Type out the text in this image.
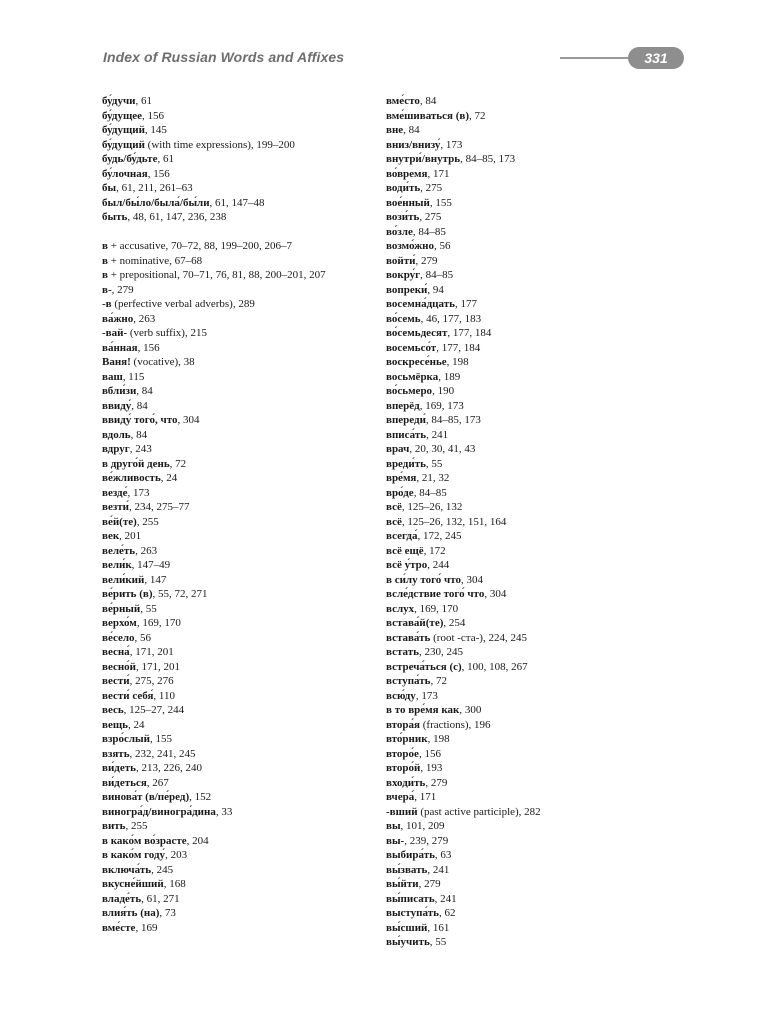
Index of Russian Words and Affixes	331
бу́дучи, 61
бу́дущее, 156
бу́дущий, 145
бу́дущий (with time expressions), 199–200
будь/бу́дьте, 61
бу́лочная, 156
бы, 61, 211, 261–63
был/бы́ло/была́/бы́ли, 61, 147–48
быть, 48, 61, 147, 236, 238
в + accusative, 70–72, 88, 199–200, 206–7
в + nominative, 67–68
в + prepositional, 70–71, 76, 81, 88, 200–201, 207
в-, 279
-в (perfective verbal adverbs), 289
ва́жно, 263
-вай- (verb suffix), 215
ва́нная, 156
Ваня! (vocative), 38
ваш, 115
вбли́зи, 84
ввиду́, 84
ввиду́ того́, что, 304
вдоль, 84
вдруг, 243
в друго́й день, 72
ве́жливость, 24
везде́, 173
везти́, 234, 275–77
ве́й(те), 255
век, 201
веле́ть, 263
вели́к, 147–49
вели́кий, 147
ве́рить (в), 55, 72, 271
ве́рный, 55
верхо́м, 169, 170
ве́село, 56
весна́, 171, 201
весно́й, 171, 201
вести́, 275, 276
вести́ себя́, 110
весь, 125–27, 244
вещь, 24
взро́слый, 155
взять, 232, 241, 245
ви́деть, 213, 226, 240
ви́деться, 267
винова́т (в/пе́ред), 152
виногра́д/виногра́дина, 33
вить, 255
в како́м во́зрасте, 204
в како́м году́, 203
включа́ть, 245
вкусне́йший, 168
владе́ть, 61, 271
влия́ть (на), 73
вме́сте, 169
вме́сто, 84
вме́шиваться (в), 72
вне, 84
вниз/внизу́, 173
внутри́/внутрь, 84–85, 173
во́время, 171
води́ть, 275
вое́нный, 155
вози́ть, 275
во́зле, 84–85
возмо́жно, 56
войти́, 279
вокру́г, 84–85
вопреки́, 94
восемна́дцать, 177
во́семь, 46, 177, 183
во́семьдесят, 177, 184
восемьсо́т, 177, 184
воскресе́нье, 198
восьмёрка, 189
во́сьмеро, 190
вперёд, 169, 173
впереди́, 84–85, 173
вписа́ть, 241
врач, 20, 30, 41, 43
вреди́ть, 55
вре́мя, 21, 32
вро́де, 84–85
всё, 125–26, 132
всё, 125–26, 132, 151, 164
всегда́, 172, 245
всё ещё, 172
всё у́тро, 244
в си́лу того́ что, 304
всле́дствие того́ что, 304
вслух, 169, 170
встава́й(те), 254
встава́ть (root -ста-), 224, 245
встать, 230, 245
встреча́ться (с), 100, 108, 267
вступа́ть, 72
всю́ду, 173
в то вре́мя как, 300
втора́я (fractions), 196
вто́рник, 198
второ́е, 156
второ́й, 193
входи́ть, 279
вчера́, 171
-вший (past active participle), 282
вы, 101, 209
вы-, 239, 279
выбира́ть, 63
вы́звать, 241
вы́йти, 279
вы́писать, 241
выступа́ть, 62
вы́сший, 161
вы́учить, 55
